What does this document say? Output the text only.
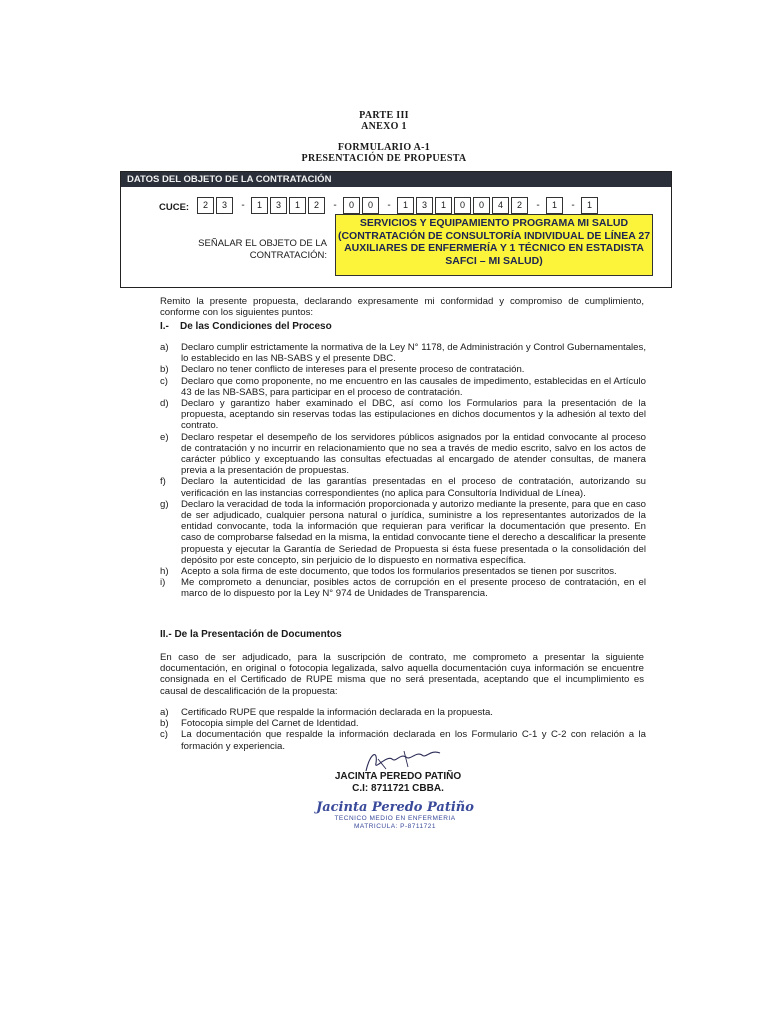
PARTE III
ANEXO 1
FORMULARIO A-1
PRESENTACIÓN DE PROPUESTA
DATOS DEL OBJETO DE LA CONTRATACIÓN
CUCE:	2	3	-	1	3	1	2	-	0	0	-	1	3	1	0	0	4	2	-	1	-	1
SEÑALAR EL OBJETO DE LA CONTRATACIÓN:
SERVICIOS Y EQUIPAMIENTO PROGRAMA MI SALUD (CONTRATACIÓN DE CONSULTORÍA INDIVIDUAL DE LÍNEA 27 AUXILIARES DE ENFERMERÍA Y 1 TÉCNICO EN ESTADISTA SAFCI – MI SALUD)
Remito la presente propuesta, declarando expresamente mi conformidad y compromiso de cumplimiento, conforme con los siguientes puntos:
I.-    De las Condiciones del Proceso
a)	Declaro cumplir estrictamente la normativa de la Ley N° 1178, de Administración y Control Gubernamentales, lo establecido en las NB-SABS y el presente DBC.
b)	Declaro no tener conflicto de intereses para el presente proceso de contratación.
c)	Declaro que como proponente, no me encuentro en las causales de impedimento, establecidas en el Artículo 43 de las NB-SABS, para participar en el proceso de contratación.
d)	Declaro y garantizo haber examinado el DBC, así como los Formularios para la presentación de la propuesta, aceptando sin reservas todas las estipulaciones en dichos documentos y la adhesión al texto del contrato.
e)	Declaro respetar el desempeño de los servidores públicos asignados por la entidad convocante al proceso de contratación y no incurrir en relacionamiento que no sea a través de medio escrito, salvo en los actos de carácter público y exceptuando las consultas efectuadas al encargado de atender consultas, de manera previa a la presentación de propuestas.
f)	Declaro la autenticidad de las garantías presentadas en el proceso de contratación, autorizando su verificación en las instancias correspondientes (no aplica para Consultoría Individual de Línea).
g)	Declaro la veracidad de toda la información proporcionada y autorizo mediante la presente, para que en caso de ser adjudicado, cualquier persona natural o jurídica, suministre a los representantes autorizados de la entidad convocante, toda la información que requieran para verificar la documentación que presento. En caso de comprobarse falsedad en la misma, la entidad convocante tiene el derecho a descalificar la presente propuesta y ejecutar la Garantía de Seriedad de Propuesta si ésta fuese presentada o la consolidación del depósito por este concepto, sin perjuicio de lo dispuesto en normativa específica.
h)	Acepto a sola firma de este documento, que todos los formularios presentados se tienen por suscritos.
i)	Me comprometo a denunciar, posibles actos de corrupción en el presente proceso de contratación, en el marco de lo dispuesto por la Ley N° 974 de Unidades de Transparencia.
II.- De la Presentación de Documentos
En caso de ser adjudicado, para la suscripción de contrato, me comprometo a presentar la siguiente documentación, en original o fotocopia legalizada, salvo aquella documentación cuya información se encuentre consignada en el Certificado de RUPE misma que no será presentada, aceptando que el incumplimiento es causal de descalificación de la propuesta:
a)	Certificado RUPE que respalde la información declarada en la propuesta.
b)	Fotocopia simple del Carnet de Identidad.
c)	La documentación que respalde la información declarada en los Formulario C-1 y C-2 con relación a la formación y experiencia.
JACINTA PEREDO PATIÑO
C.I: 8711721 CBBA.
Jacinta Peredo Patiño
TECNICO MEDIO EN ENFERMERIA
MATRICULA: P-8711721
